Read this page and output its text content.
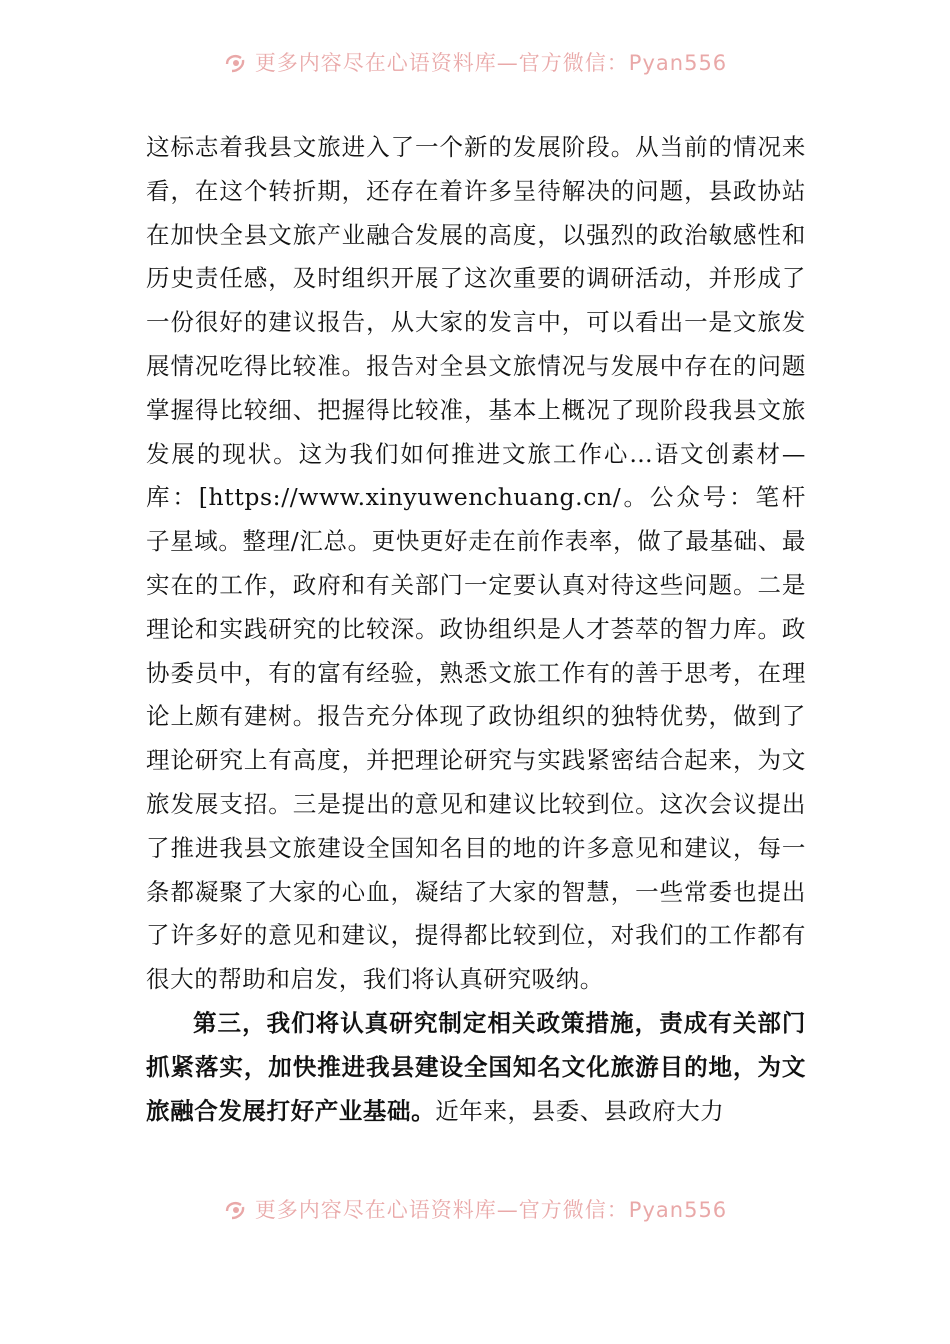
更多内容尽在心语资料库—官方微信：Pyan556

这标志着我县文旅进入了一个新的发展阶段。从当前的情况来看，在这个转折期，还存在着许多呈待解决的问题，县政协站在加快全县文旅产业融合发展的高度，以强烈的政治敏感性和历史责任感，及时组织开展了这次重要的调研活动，并形成了一份很好的建议报告，从大家的发言中，可以看出一是文旅发展情况吃得比较准。报告对全县文旅情况与发展中存在的问题掌握得比较细、把握得比较准，基本上概况了现阶段我县文旅发展的现状。这为我们如何推进文旅工作心…语文创素材—库：[https://www.xinyuwenchuang.cn/。公众号：笔杆子星域。整理/汇总。更快更好走在前作表率，做了最基础、最实在的工作，政府和有关部门一定要认真对待这些问题。二是理论和实践研究的比较深。政协组织是人才荟萃的智力库。政协委员中，有的富有经验，熟悉文旅工作有的善于思考，在理论上颇有建树。报告充分体现了政协组织的独特优势，做到了理论研究上有高度，并把理论研究与实践紧密结合起来，为文旅发展支招。三是提出的意见和建议比较到位。这次会议提出了推进我县文旅建设全国知名目的地的许多意见和建议，每一条都凝聚了大家的心血，凝结了大家的智慧，一些常委也提出了许多好的意见和建议，提得都比较到位，对我们的工作都有很大的帮助和启发，我们将认真研究吸纳。

第三，我们将认真研究制定相关政策措施，责成有关部门抓紧落实，加快推进我县建设全国知名文化旅游目的地，为文旅融合发展打好产业基础。近年来，县委、县政府大力

更多内容尽在心语资料库—官方微信：Pyan556
